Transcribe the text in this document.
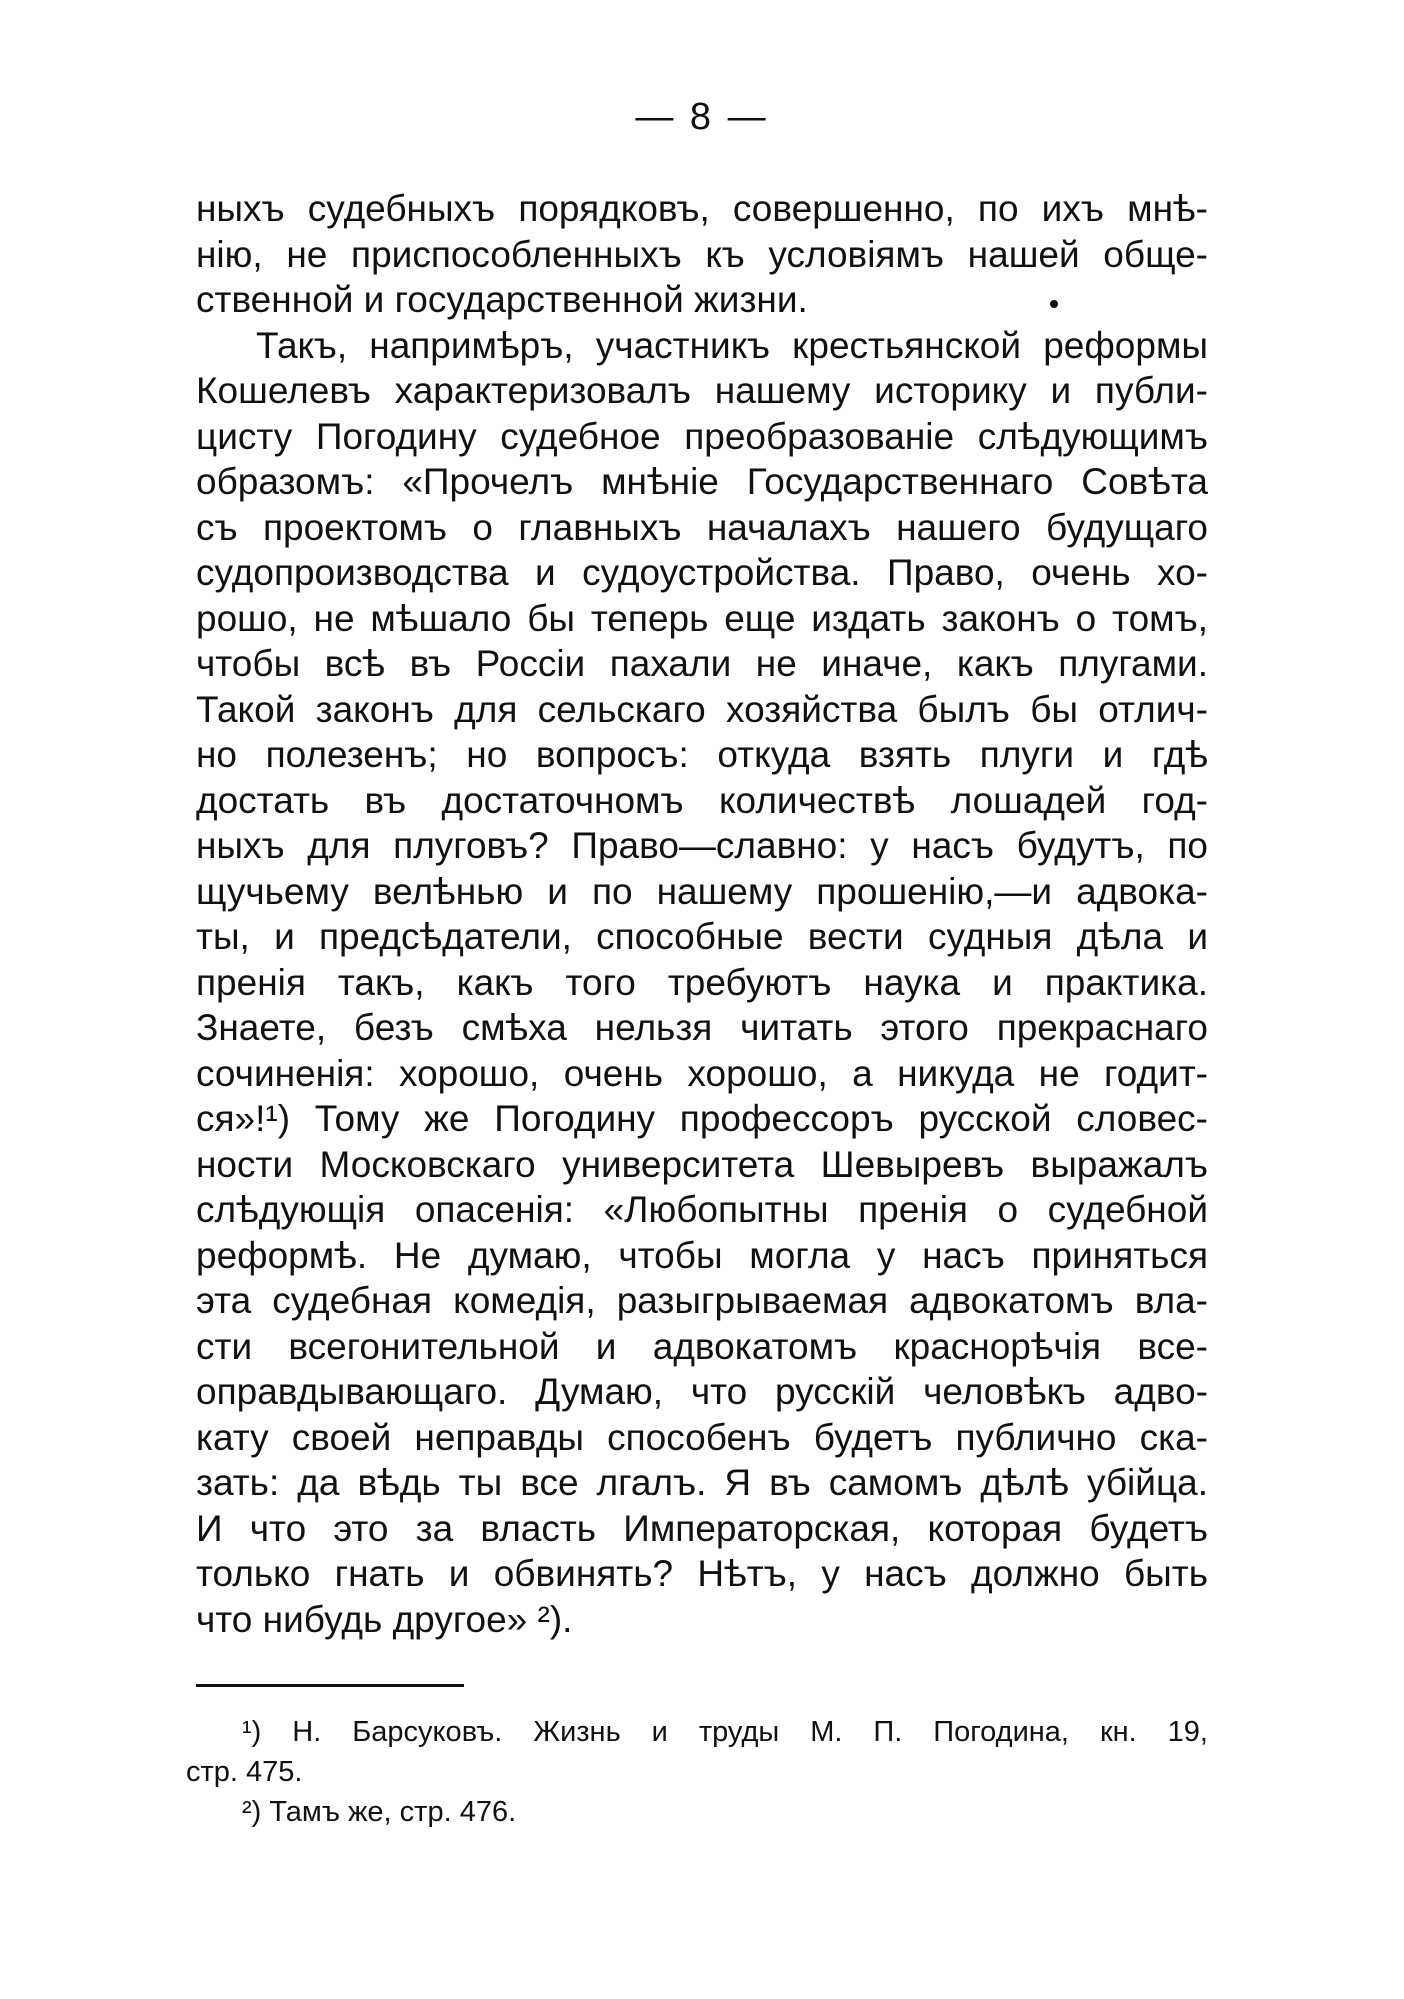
— 8 —
ныхъ судебныхъ порядковъ, совершенно, по ихъ мнѣ-
нію, не приспособленныхъ къ условіямъ нашей обще-
ственной и государственной жизни.
Такъ, напримѣръ, участникъ крестьянской реформы
Кошелевъ характеризовалъ нашему историку и публи-
цисту Погодину судебное преобразованіе слѣдующимъ
образомъ: «Прочелъ мнѣніе Государственнаго Совѣта
съ проектомъ о главныхъ началахъ нашего будущаго
судопроизводства и судоустройства. Право, очень хо-
рошо, не мѣшало бы теперь еще издать законъ о томъ,
чтобы всѣ въ Россіи пахали не иначе, какъ плугами.
Такой законъ для сельскаго хозяйства былъ бы отлич-
но полезенъ; но вопросъ: откуда взять плуги и гдѣ
достать въ достаточномъ количествѣ лошадей год-
ныхъ для плуговъ? Право—славно: у насъ будутъ, по
щучьему велѣнью и по нашему прошенію,—и адвока-
ты, и предсѣдатели, способные вести судныя дѣла и
пренія такъ, какъ того требуютъ наука и практика.
Знаете, безъ смѣха нельзя читать этого прекраснаго
сочиненія: хорошо, очень хорошо, а никуда не годит-
ся»!¹) Тому же Погодину профессоръ русской словес-
ности Московскаго университета Шевыревъ выражалъ
слѣдующія опасенія: «Любопытны пренія о судебной
реформѣ. Не думаю, чтобы могла у насъ приняться
эта судебная комедія, разыгрываемая адвокатомъ вла-
сти всегонительной и адвокатомъ краснорѣчія все-
оправдывающаго. Думаю, что русскій человѣкъ адво-
кату своей неправды способенъ будетъ публично ска-
зать: да вѣдь ты все лгалъ. Я въ самомъ дѣлѣ убійца.
И что это за власть Императорская, которая будетъ
только гнать и обвинять? Нѣтъ, у насъ должно быть
что нибудь другое» ²).
¹) Н. Барсуковъ. Жизнь и труды М. П. Погодина, кн. 19,
стр. 475.
²) Тамъ же, стр. 476.
